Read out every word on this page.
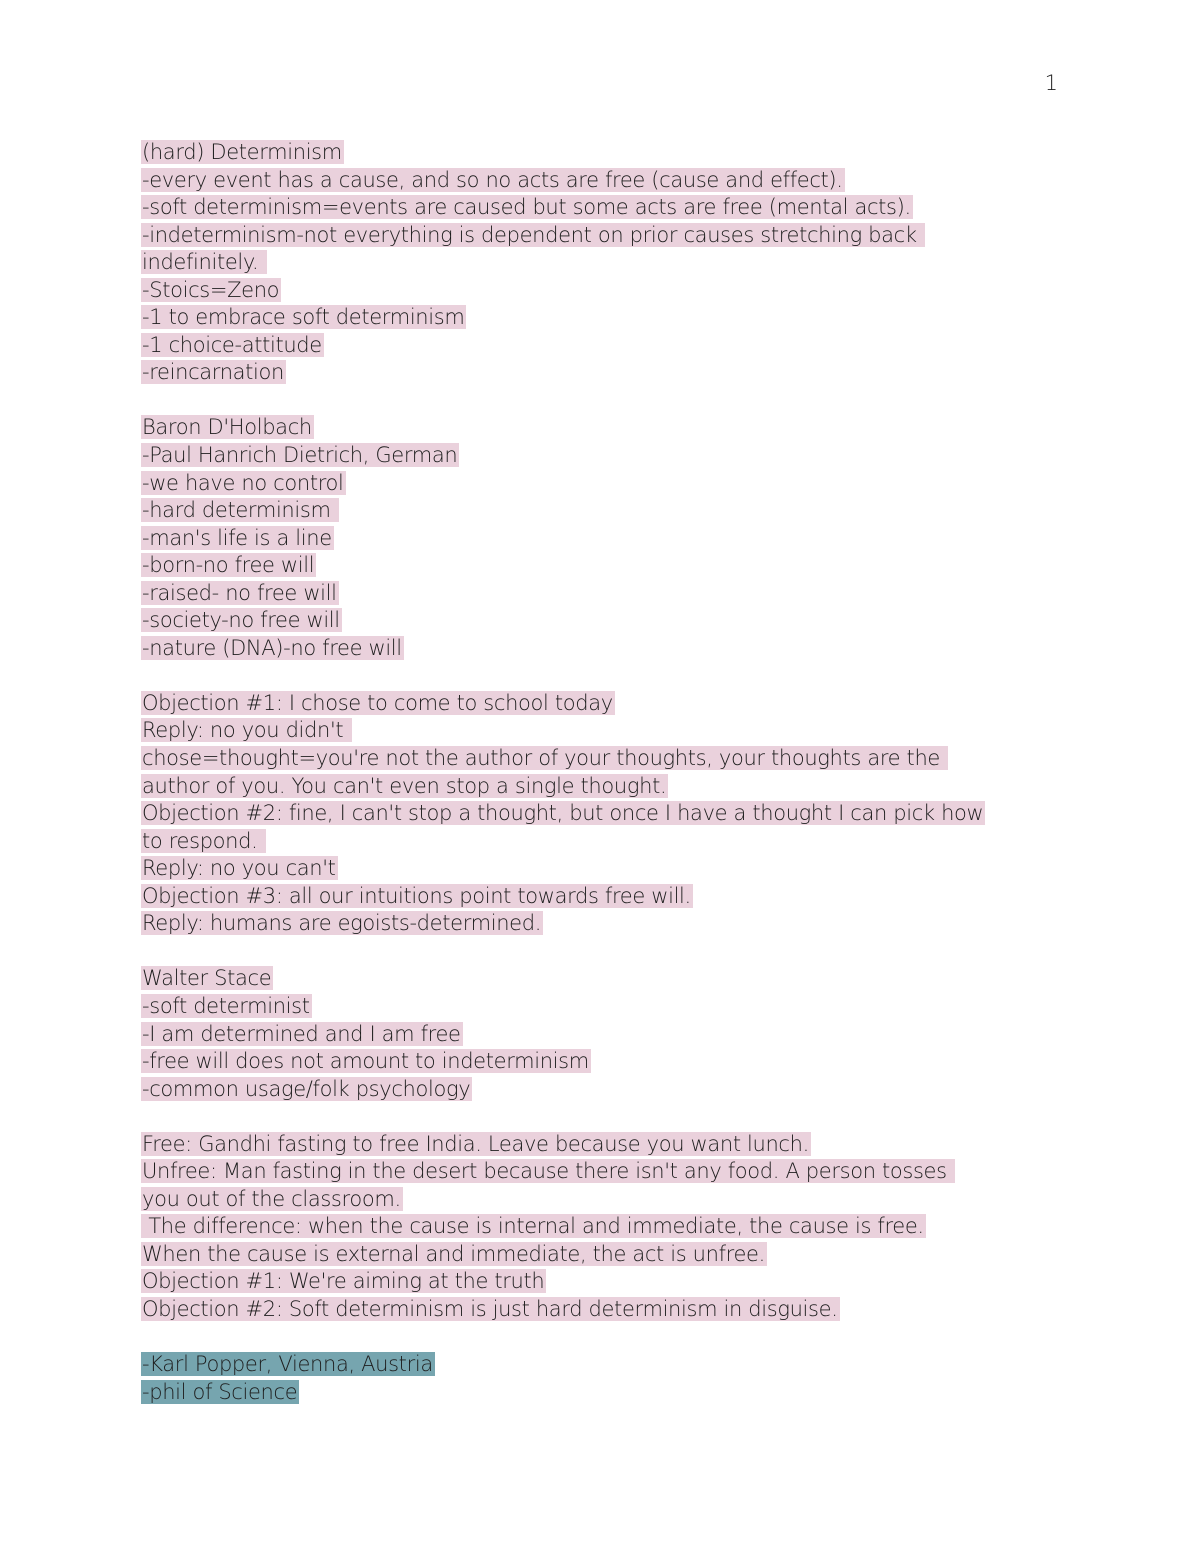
1
(hard) Determinism
-every event has a cause, and so no acts are free (cause and effect).
-soft determinism=events are caused but some acts are free (mental acts).
-indeterminism-not everything is dependent on prior causes stretching back
indefinitely.
-Stoics=Zeno
-1 to embrace soft determinism
-1 choice-attitude
-reincarnation
Baron D'Holbach
-Paul Hanrich Dietrich, German
-we have no control
-hard determinism
-man's life is a line
-born-no free will
-raised- no free will
-society-no free will
-nature (DNA)-no free will
Objection #1: I chose to come to school today
Reply: no you didn't
chose=thought=you're not the author of your thoughts, your thoughts are the
author of you. You can't even stop a single thought.
Objection #2: fine, I can't stop a thought, but once I have a thought I can pick how
to respond.
Reply: no you can't
Objection #3: all our intuitions point towards free will.
Reply: humans are egoists-determined.
Walter Stace
-soft determinist
-I am determined and I am free
-free will does not amount to indeterminism
-common usage/folk psychology
Free: Gandhi fasting to free India. Leave because you want lunch.
Unfree: Man fasting in the desert because there isn't any food. A person tosses
you out of the classroom.
The difference: when the cause is internal and immediate, the cause is free.
When the cause is external and immediate, the act is unfree.
Objection #1: We're aiming at the truth
Objection #2: Soft determinism is just hard determinism in disguise.
-Karl Popper, Vienna, Austria
-phil of Science
